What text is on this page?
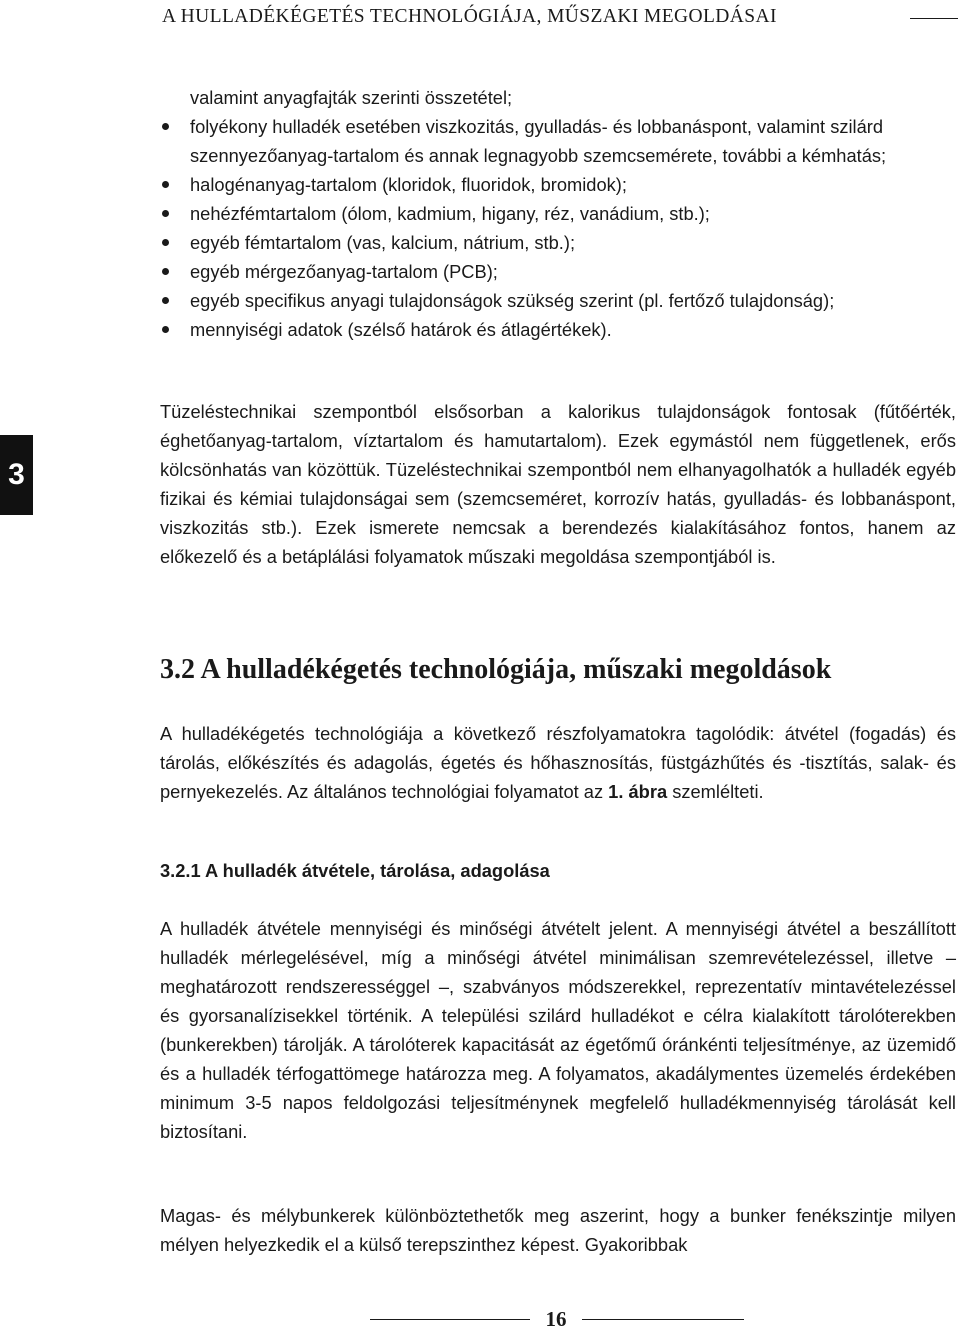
A HULLADÉKÉGETÉS TECHNOLÓGIÁJA, MŰSZAKI MEGOLDÁSAI
valamint anyagfajták szerinti összetétel;
folyékony hulladék esetében viszkozitás, gyulladás- és lobbanáspont, valamint szilárd szennyezőanyag-tartalom és annak legnagyobb szemcsemérete, további a kémhatás;
halogénanyag-tartalom (kloridok, fluoridok, bromidok);
nehézfémtartalom (ólom, kadmium, higany, réz, vanádium, stb.);
egyéb fémtartalom (vas, kalcium, nátrium, stb.);
egyéb mérgezőanyag-tartalom (PCB);
egyéb specifikus anyagi tulajdonságok szükség szerint (pl. fertőző tulajdonság);
mennyiségi adatok (szélső határok és átlagértékek).
3

Tüzeléstechnikai szempontból elsősorban a kalorikus tulajdonságok fontosak (fűtőérték, éghetőanyag-tartalom, víztartalom és hamutartalom). Ezek egymástól nem függetlenek, erős kölcsönhatás van közöttük. Tüzeléstechnikai szempontból nem elhanyagolhatók a hulladék egyéb fizikai és kémiai tulajdonságai sem (szemcseméret, korrozív hatás, gyulladás- és lobbanáspont, viszkozitás stb.). Ezek ismerete nemcsak a berendezés kialakításához fontos, hanem az előkezelő és a betáplálási folyamatok műszaki megoldása szempontjából is.

3.2 A hulladékégetés technológiája, műszaki megoldások

A hulladékégetés technológiája a következő részfolyamatokra tagolódik: átvétel (fogadás) és tárolás, előkészítés és adagolás, égetés és hőhasznosítás, füstgázhűtés és -tisztítás, salak- és pernyekezelés. Az általános technológiai folyamatot az 1. ábra szemlélteti.

3.2.1 A hulladék átvétele, tárolása, adagolása

A hulladék átvétele mennyiségi és minőségi átvételt jelent. A mennyiségi átvétel a beszállított hulladék mérlegelésével, míg a minőségi átvétel minimálisan szemrevételezéssel, illetve – meghatározott rendszerességgel –, szabványos módszerekkel, reprezentatív mintavételezéssel és gyorsanalízisekkel történik. A települési szilárd hulladékot e célra kialakított tárolóterekben (bunkerekben) tárolják. A tárolóterek kapacitását az égetőmű óránkénti teljesítménye, az üzemidő és a hulladék térfogattömege határozza meg. A folyamatos, akadálymentes üzemelés érdekében minimum 3-5 napos feldolgozási teljesítménynek megfelelő hulladékmennyiség tárolását kell biztosítani.

Magas- és mélybunkerek különböztethetők meg aszerint, hogy a bunker fenékszintje milyen mélyen helyezkedik el a külső terepszinthez képest. Gyakoribbak

16
